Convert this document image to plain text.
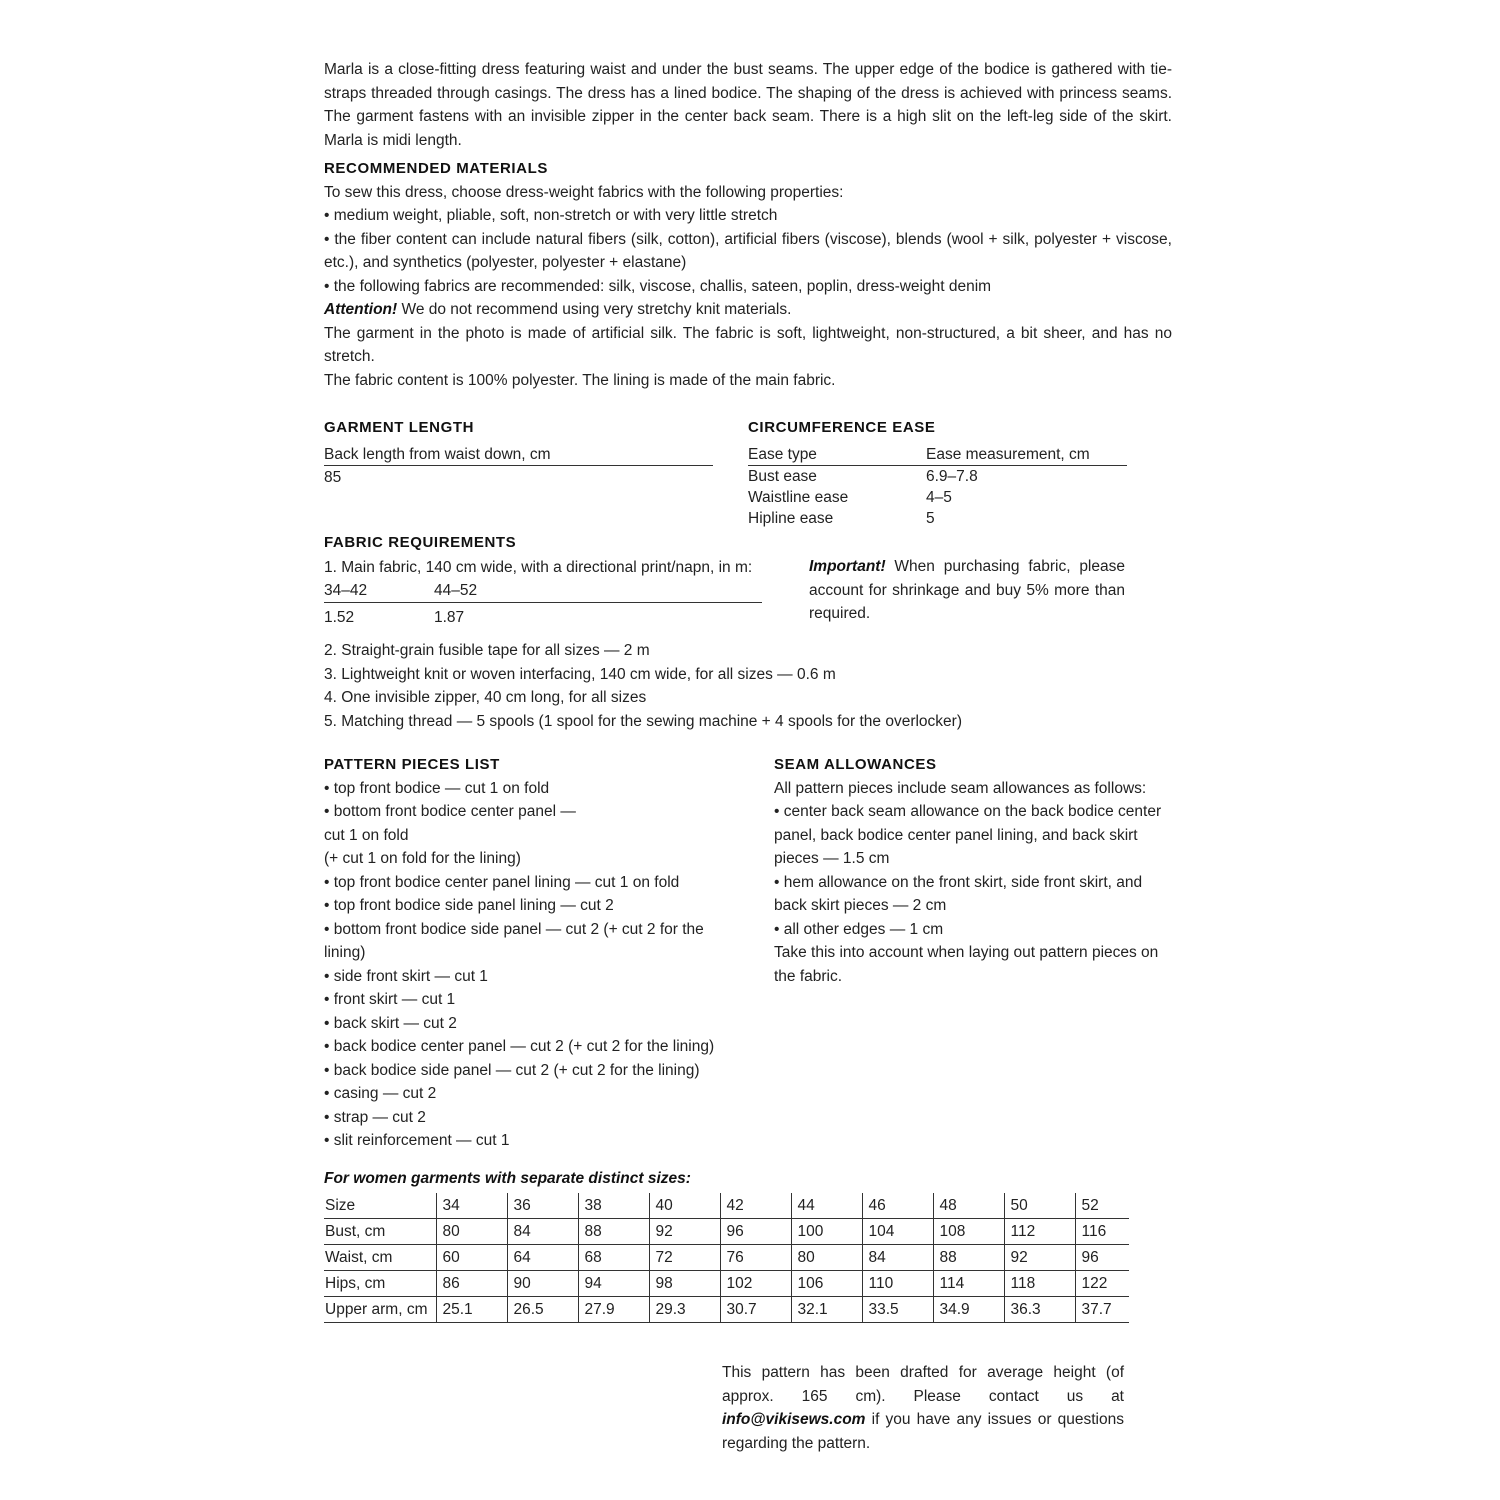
Marla is a close-fitting dress featuring waist and under the bust seams. The upper edge of the bodice is gathered with tie-straps threaded through casings. The dress has a lined bodice. The shaping of the dress is achieved with princess seams. The garment fastens with an invisible zipper in the center back seam. There is a high slit on the left-leg side of the skirt. Marla is midi length.

RECOMMENDED MATERIALS

To sew this dress, choose dress-weight fabrics with the following properties:

• medium weight, pliable, soft, non-stretch or with very little stretch

• the fiber content can include natural fibers (silk, cotton), artificial fibers (viscose), blends (wool + silk, polyester + viscose, etc.), and synthetics (polyester, polyester + elastane)

• the following fabrics are recommended: silk, viscose, challis, sateen, poplin, dress-weight denim

Attention! We do not recommend using very stretchy knit materials.

The garment in the photo is made of artificial silk. The fabric is soft, lightweight, non-structured, a bit sheer, and has no stretch.

The fabric content is 100% polyester. The lining is made of the main fabric.

GARMENT LENGTH
Back length from waist down, cm
85
CIRCUMFERENCE EASE
Ease type	Ease measurement, cm
Bust ease	6.9–7.8
Waistline ease	4–5
Hipline ease	5
FABRIC REQUIREMENTS

1. Main fabric, 140 cm wide, with a directional print/napn, in m:

34–42	44–52
1.52	1.87

Important! When purchasing fabric, please account for shrinkage and buy 5% more than required.

2. Straight-grain fusible tape for all sizes — 2 m

3. Lightweight knit or woven interfacing, 140 cm wide, for all sizes — 0.6 m

4. One invisible zipper, 40 cm long, for all sizes

5. Matching thread — 5 spools (1 spool for the sewing machine + 4 spools for the overlocker)

PATTERN PIECES LIST

• top front bodice — cut 1 on fold

• bottom front bodice center panel —

cut 1 on fold

(+ cut 1 on fold for the lining)

• top front bodice center panel lining — cut 1 on fold

• top front bodice side panel lining — cut 2

• bottom front bodice side panel — cut 2 (+ cut 2 for the lining)

• side front skirt — cut 1

• front skirt — cut 1

• back skirt — cut 2

• back bodice center panel — cut 2 (+ cut 2 for the lining)

• back bodice side panel — cut 2 (+ cut 2 for the lining)

• casing — cut 2

• strap — cut 2

• slit reinforcement — cut 1

SEAM ALLOWANCES

All pattern pieces include seam allowances as follows:

• center back seam allowance on the back bodice center panel, back bodice center panel lining, and back skirt pieces — 1.5 cm

• hem allowance on the front skirt, side front skirt, and back skirt pieces — 2 cm

• all other edges — 1 cm

Take this into account when laying out pattern pieces on the fabric.

For women garments with separate distinct sizes:
Size	34	36	38	40	42	44	46	48	50	52
Bust, cm	80	84	88	92	96	100	104	108	112	116
Waist, cm	60	64	68	72	76	80	84	88	92	96
Hips, cm	86	90	94	98	102	106	110	114	118	122
Upper arm, cm	25.1	26.5	27.9	29.3	30.7	32.1	33.5	34.9	36.3	37.7

This pattern has been drafted for average height (of approx. 165 cm). Please contact us at info@vikisews.com if you have any issues or questions regarding the pattern.
